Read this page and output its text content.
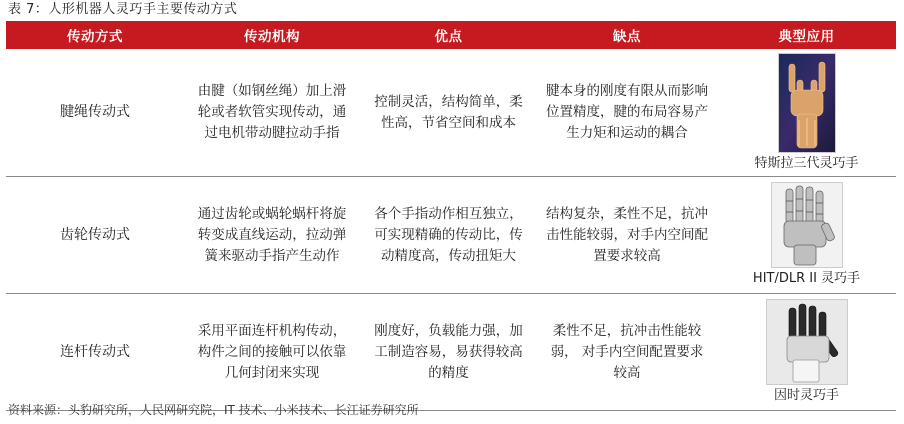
表 7：人形机器人灵巧手主要传动方式
传动方式	传动机构	优点	缺点	典型应用
腱绳传动式	由腱（如钢丝绳）加上滑轮或者软管实现传动，通过电机带动腱拉动手指	控制灵活，结构简单，柔性高，节省空间和成本	腱本身的刚度有限从而影响位置精度，腱的布局容易产生力矩和运动的耦合	特斯拉三代灵巧手

齿轮传动式	通过齿轮或蜗轮蜗杆将旋转变成直线运动，拉动弹簧来驱动手指产生动作	各个手指动作相互独立，可实现精确的传动比，传动精度高，传动扭矩大	结构复杂，柔性不足，抗冲击性能较弱，对手内空间配置要求较高	HIT/DLR II 灵巧手

连杆传动式	采用平面连杆机构传动，构件之间的接触可以依靠几何封闭来实现	刚度好，负载能力强，加工制造容易，易获得较高的精度	柔性不足，抗冲击性能较弱， 对手内空间配置要求较高	因时灵巧手
资料来源：头豹研究所，人民网研究院，IT 技术、小米技术、长江证券研究所
